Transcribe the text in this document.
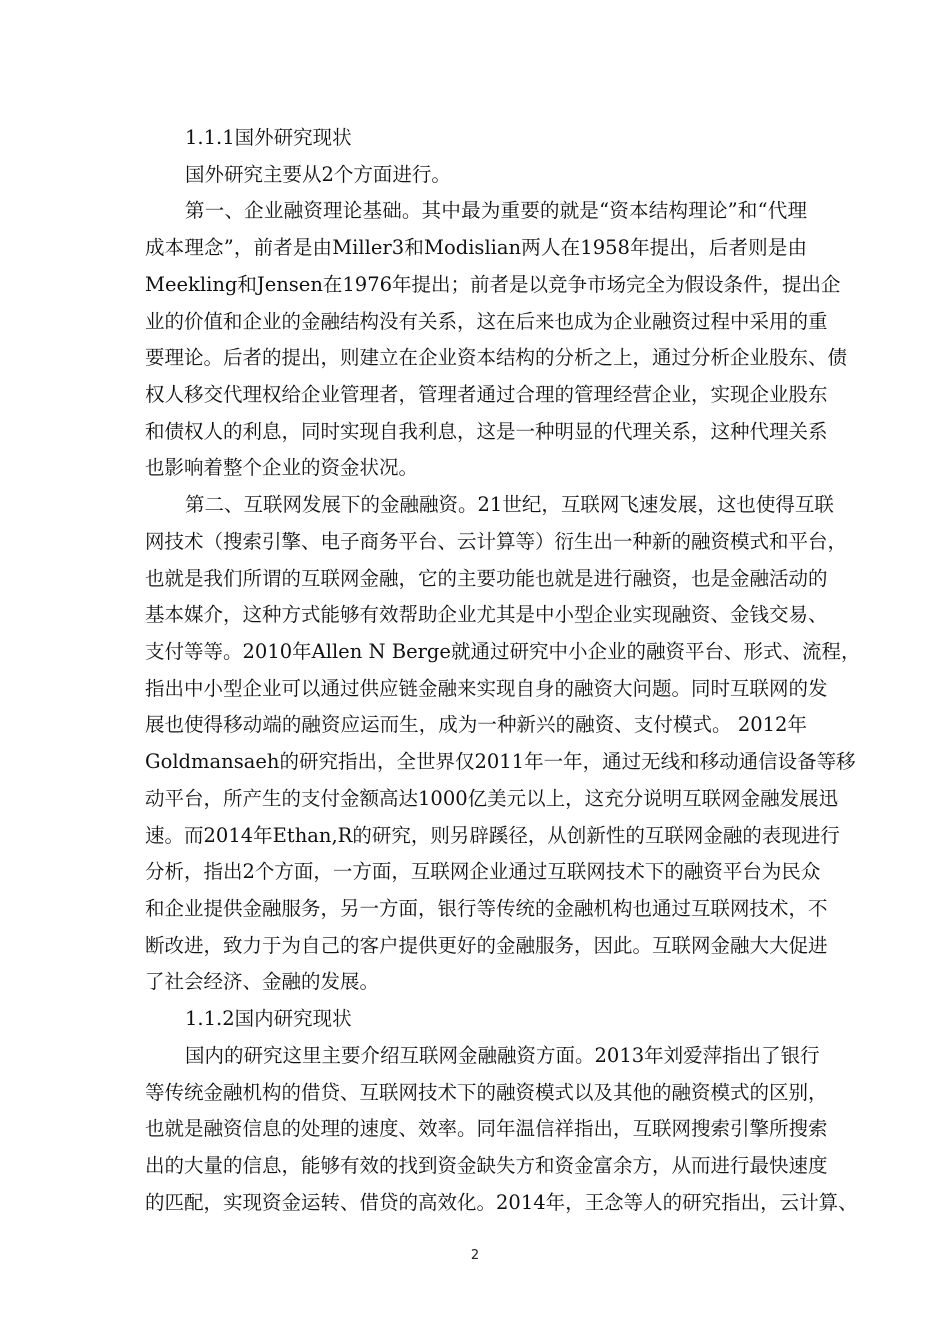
1.1.1国外研究现状
国外研究主要从2个方面进行。
第一、企业融资理论基础。其中最为重要的就是“资本结构理论”和“代理
成本理念”，前者是由Miller3和Modislian两人在1958年提出，后者则是由
Meekling和Jensen在1976年提出；前者是以竞争市场完全为假设条件，提出企
业的价值和企业的金融结构没有关系，这在后来也成为企业融资过程中采用的重
要理论。后者的提出，则建立在企业资本结构的分析之上，通过分析企业股东、债
权人移交代理权给企业管理者，管理者通过合理的管理经营企业，实现企业股东
和债权人的利息，同时实现自我利息，这是一种明显的代理关系，这种代理关系
也影响着整个企业的资金状况。
第二、互联网发展下的金融融资。21世纪，互联网飞速发展，这也使得互联
网技术（搜索引擎、电子商务平台、云计算等）衍生出一种新的融资模式和平台，
也就是我们所谓的互联网金融，它的主要功能也就是进行融资，也是金融活动的
基本媒介，这种方式能够有效帮助企业尤其是中小型企业实现融资、金钱交易、
支付等等。2010年Allen N Berge就通过研究中小企业的融资平台、形式、流程，
指出中小型企业可以通过供应链金融来实现自身的融资大问题。同时互联网的发
展也使得移动端的融资应运而生，成为一种新兴的融资、支付模式。 2012年
Goldmansaeh的研究指出，全世界仅2011年一年，通过无线和移动通信设备等移
动平台，所产生的支付金额高达1000亿美元以上，这充分说明互联网金融发展迅
速。而2014年Ethan,R的研究，则另辟蹊径，从创新性的互联网金融的表现进行
分析，指出2个方面，一方面，互联网企业通过互联网技术下的融资平台为民众
和企业提供金融服务，另一方面，银行等传统的金融机构也通过互联网技术，不
断改进，致力于为自己的客户提供更好的金融服务，因此。互联网金融大大促进
了社会经济、金融的发展。
1.1.2国内研究现状
国内的研究这里主要介绍互联网金融融资方面。2013年刘爱萍指出了银行
等传统金融机构的借贷、互联网技术下的融资模式以及其他的融资模式的区别，
也就是融资信息的处理的速度、效率。同年温信祥指出，互联网搜索引擎所搜索
出的大量的信息，能够有效的找到资金缺失方和资金富余方，从而进行最快速度
的匹配，实现资金运转、借贷的高效化。2014年，王念等人的研究指出，云计算、
2
